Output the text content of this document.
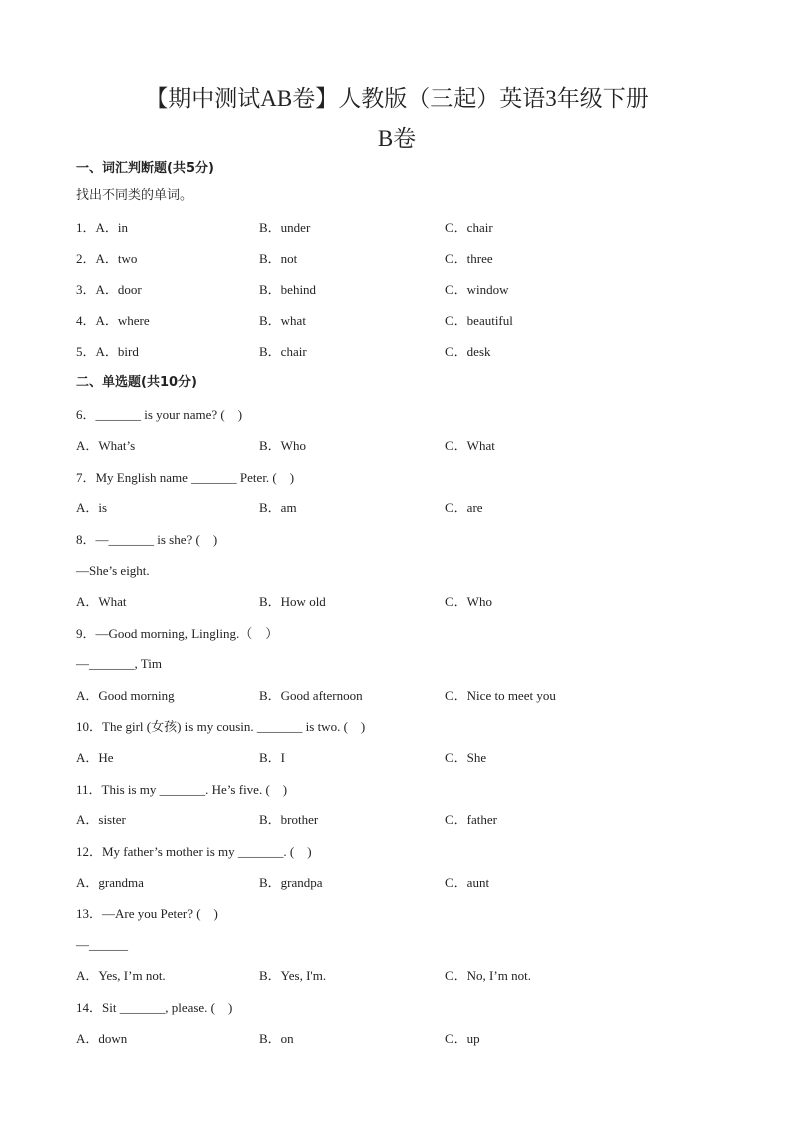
【期中测试AB卷】人教版（三起）英语3年级下册
B卷
一、词汇判断题(共5分)
找出不同类的单词。
1．A．in	B．under	C．chair
2．A．two	B．not	C．three
3．A．door	B．behind	C．window
4．A．where	B．what	C．beautiful
5．A．bird	B．chair	C．desk
二、单选题(共10分)
6．_______ is your name? (　)
A．What’s	B．Who	C．What
7．My English name _______ Peter. (　)
A．is	B．am	C．are
8．—_______ is she? (　)
—She’s eight.
A．What	B．How old	C．Who
9．—Good morning, Lingling.（　）
—_______, Tim
A．Good morning	B．Good afternoon	C．Nice to meet you
10．The girl (女孩) is my cousin. _______ is two. (　)
A．He	B．I	C．She
11．This is my _______. He’s five. (　)
A．sister	B．brother	C．father
12．My father’s mother is my _______. (　)
A．grandma	B．grandpa	C．aunt
13．—Are you Peter? (　)
—______
A．Yes, I’m not.	B．Yes, I'm.	C．No, I’m not.
14．Sit _______, please. (　)
A．down	B．on	C．up
